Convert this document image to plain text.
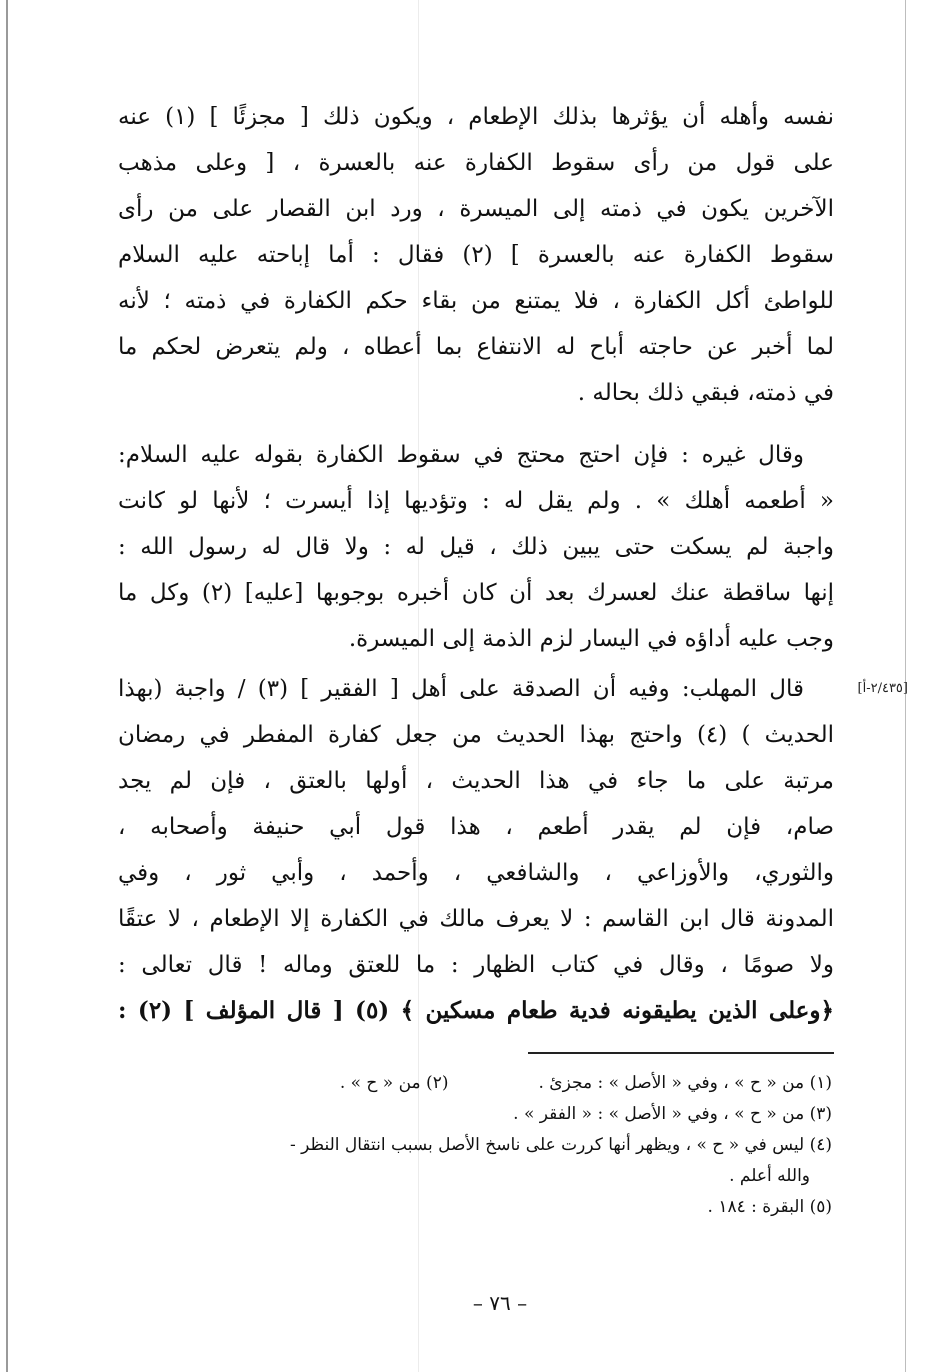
نفسه وأهله أن يؤثرها بذلك الإطعام ، ويكون ذلك [ مجزئًا ] (١) عنه
على قول من رأى سقوط الكفارة عنه بالعسرة ، [ وعلى مذهب
الآخرين يكون في ذمته إلى الميسرة ، ورد ابن القصار على من رأى
سقوط الكفارة عنه بالعسرة ] (٢) فقال : أما إباحته عليه السلام
للواطئ أكل الكفارة ، فلا يمتنع من بقاء حكم الكفارة في ذمته ؛ لأنه
لما أخبر عن حاجته أباح له الانتفاع بما أعطاه ، ولم يتعرض لحكم ما
في ذمته، فبقي ذلك بحاله .
وقال غيره : فإن احتج محتج في سقوط الكفارة بقوله عليه السلام:
« أطعمه أهلك » . ولم يقل له : وتؤديها إذا أيسرت ؛ لأنها لو كانت
واجبة لم يسكت حتى يبين ذلك ، قيل له : ولا قال له رسول الله :
إنها ساقطة عنك لعسرك بعد أن كان أخبره بوجوبها [عليه] (٢) وكل ما
وجب عليه أداؤه في اليسار لزم الذمة إلى الميسرة.
[٢/٤٣٥-أ]
قال المهلب: وفيه أن الصدقة على أهل [ الفقير ] (٣) / واجبة (بهذا
الحديث ) (٤) واحتج بهذا الحديث من جعل كفارة المفطر في رمضان
مرتبة على ما جاء في هذا الحديث ، أولها بالعتق ، فإن لم يجد
صام، فإن لم يقدر أطعم ، هذا قول أبي حنيفة وأصحابه ،
والثوري، والأوزاعي ، والشافعي ، وأحمد ، وأبي ثور ، وفي
المدونة قال ابن القاسم : لا يعرف مالك في الكفارة إلا الإطعام ، لا عتقًا
ولا صومًا ، وقال في كتاب الظهار : ما للعتق وماله ! قال تعالى :
﴿وعلى الذين يطيقونه فدية طعام مسكين ﴾ (٥) [ قال المؤلف ] (٢) :
(١) من « ح » ، وفي « الأصل » : مجزئ .
(٢) من « ح » .
(٣) من « ح » ، وفي « الأصل » : « الفقر » .
(٤) ليس في « ح » ، ويظهر أنها كررت على ناسخ الأصل بسبب انتقال النظر -
والله أعلم .
(٥) البقرة : ١٨٤ .
– ٧٦ –
